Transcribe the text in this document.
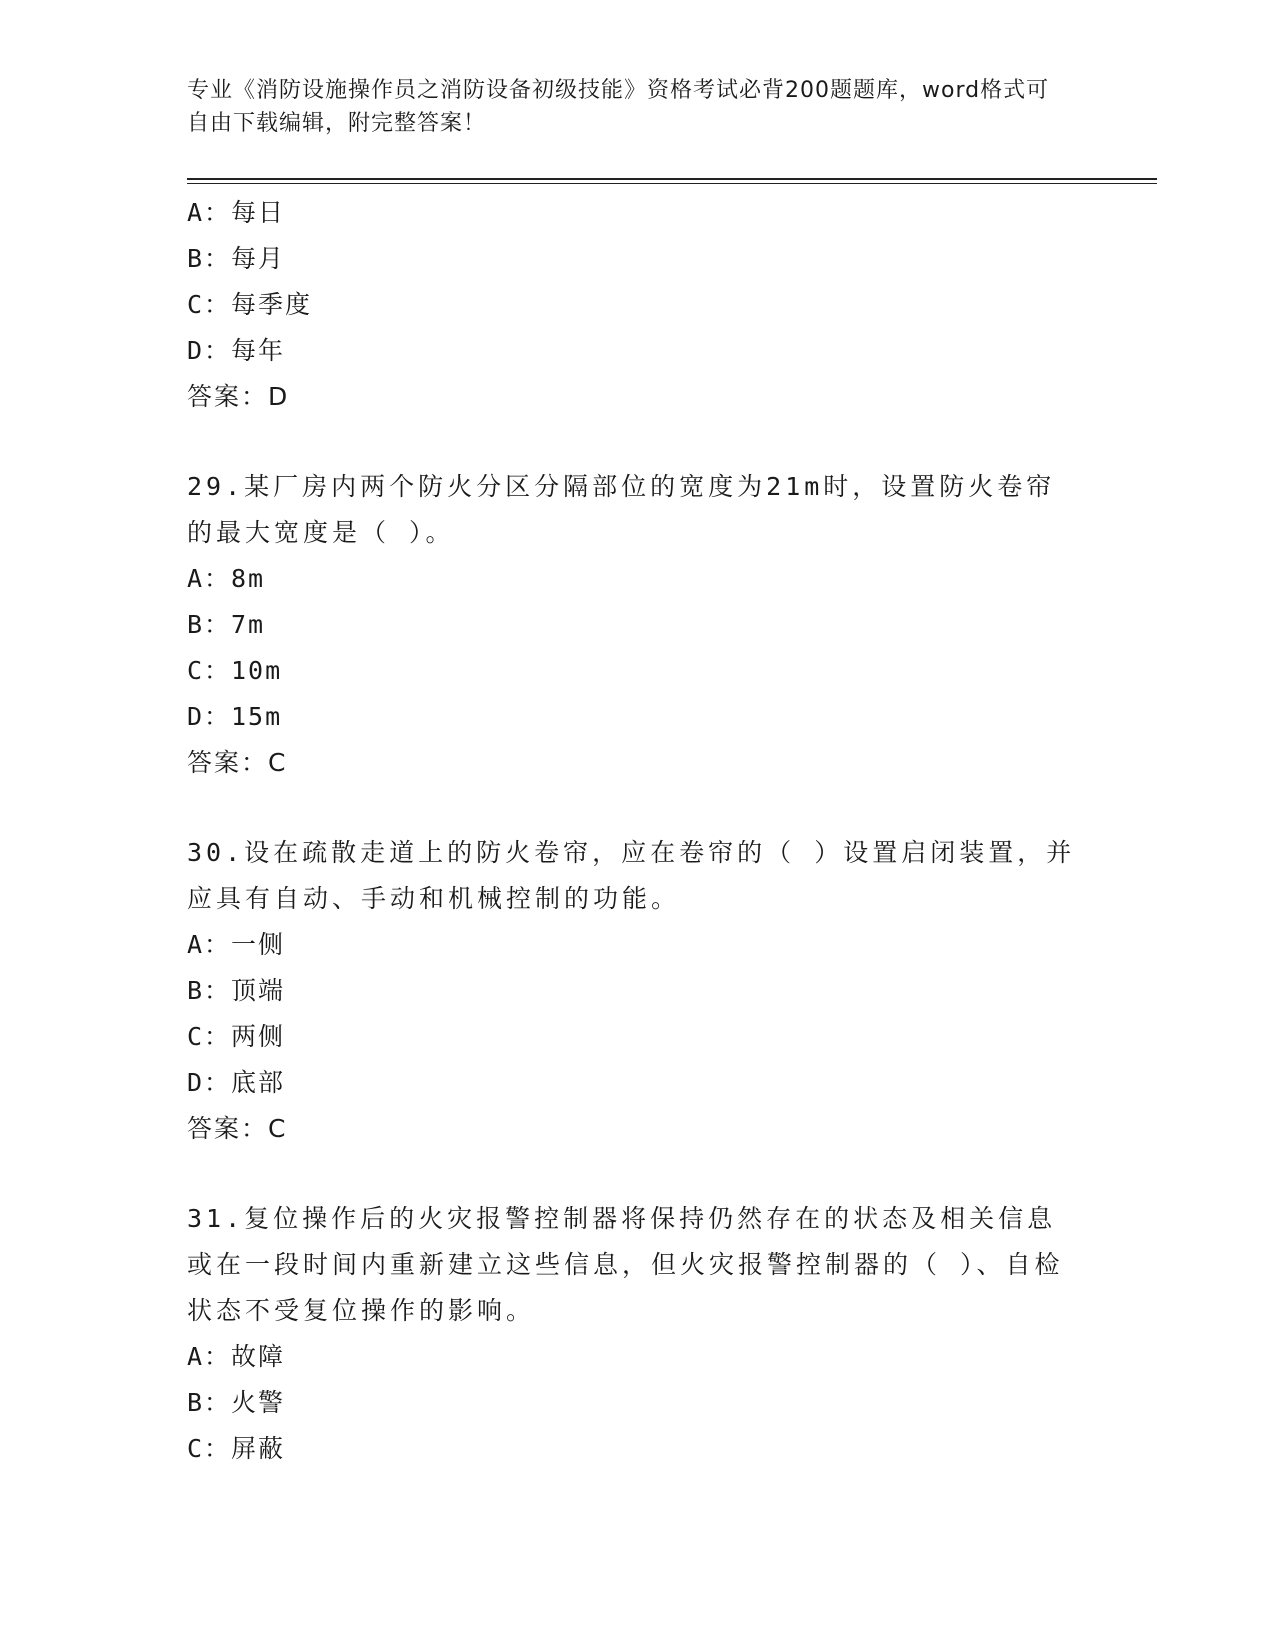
专业《消防设施操作员之消防设备初级技能》资格考试必背200题题库，word格式可自由下载编辑，附完整答案！
A：每日
B：每月
C：每季度
D：每年
答案：D
29.某厂房内两个防火分区分隔部位的宽度为21m时，设置防火卷帘的最大宽度是（ ）。
A：8m
B：7m
C：10m
D：15m
答案：C
30.设在疏散走道上的防火卷帘，应在卷帘的（ ）设置启闭装置，并应具有自动、手动和机械控制的功能。
A：一侧
B：顶端
C：两侧
D：底部
答案：C
31.复位操作后的火灾报警控制器将保持仍然存在的状态及相关信息或在一段时间内重新建立这些信息，但火灾报警控制器的（ ）、自检状态不受复位操作的影响。
A：故障
B：火警
C：屏蔽
